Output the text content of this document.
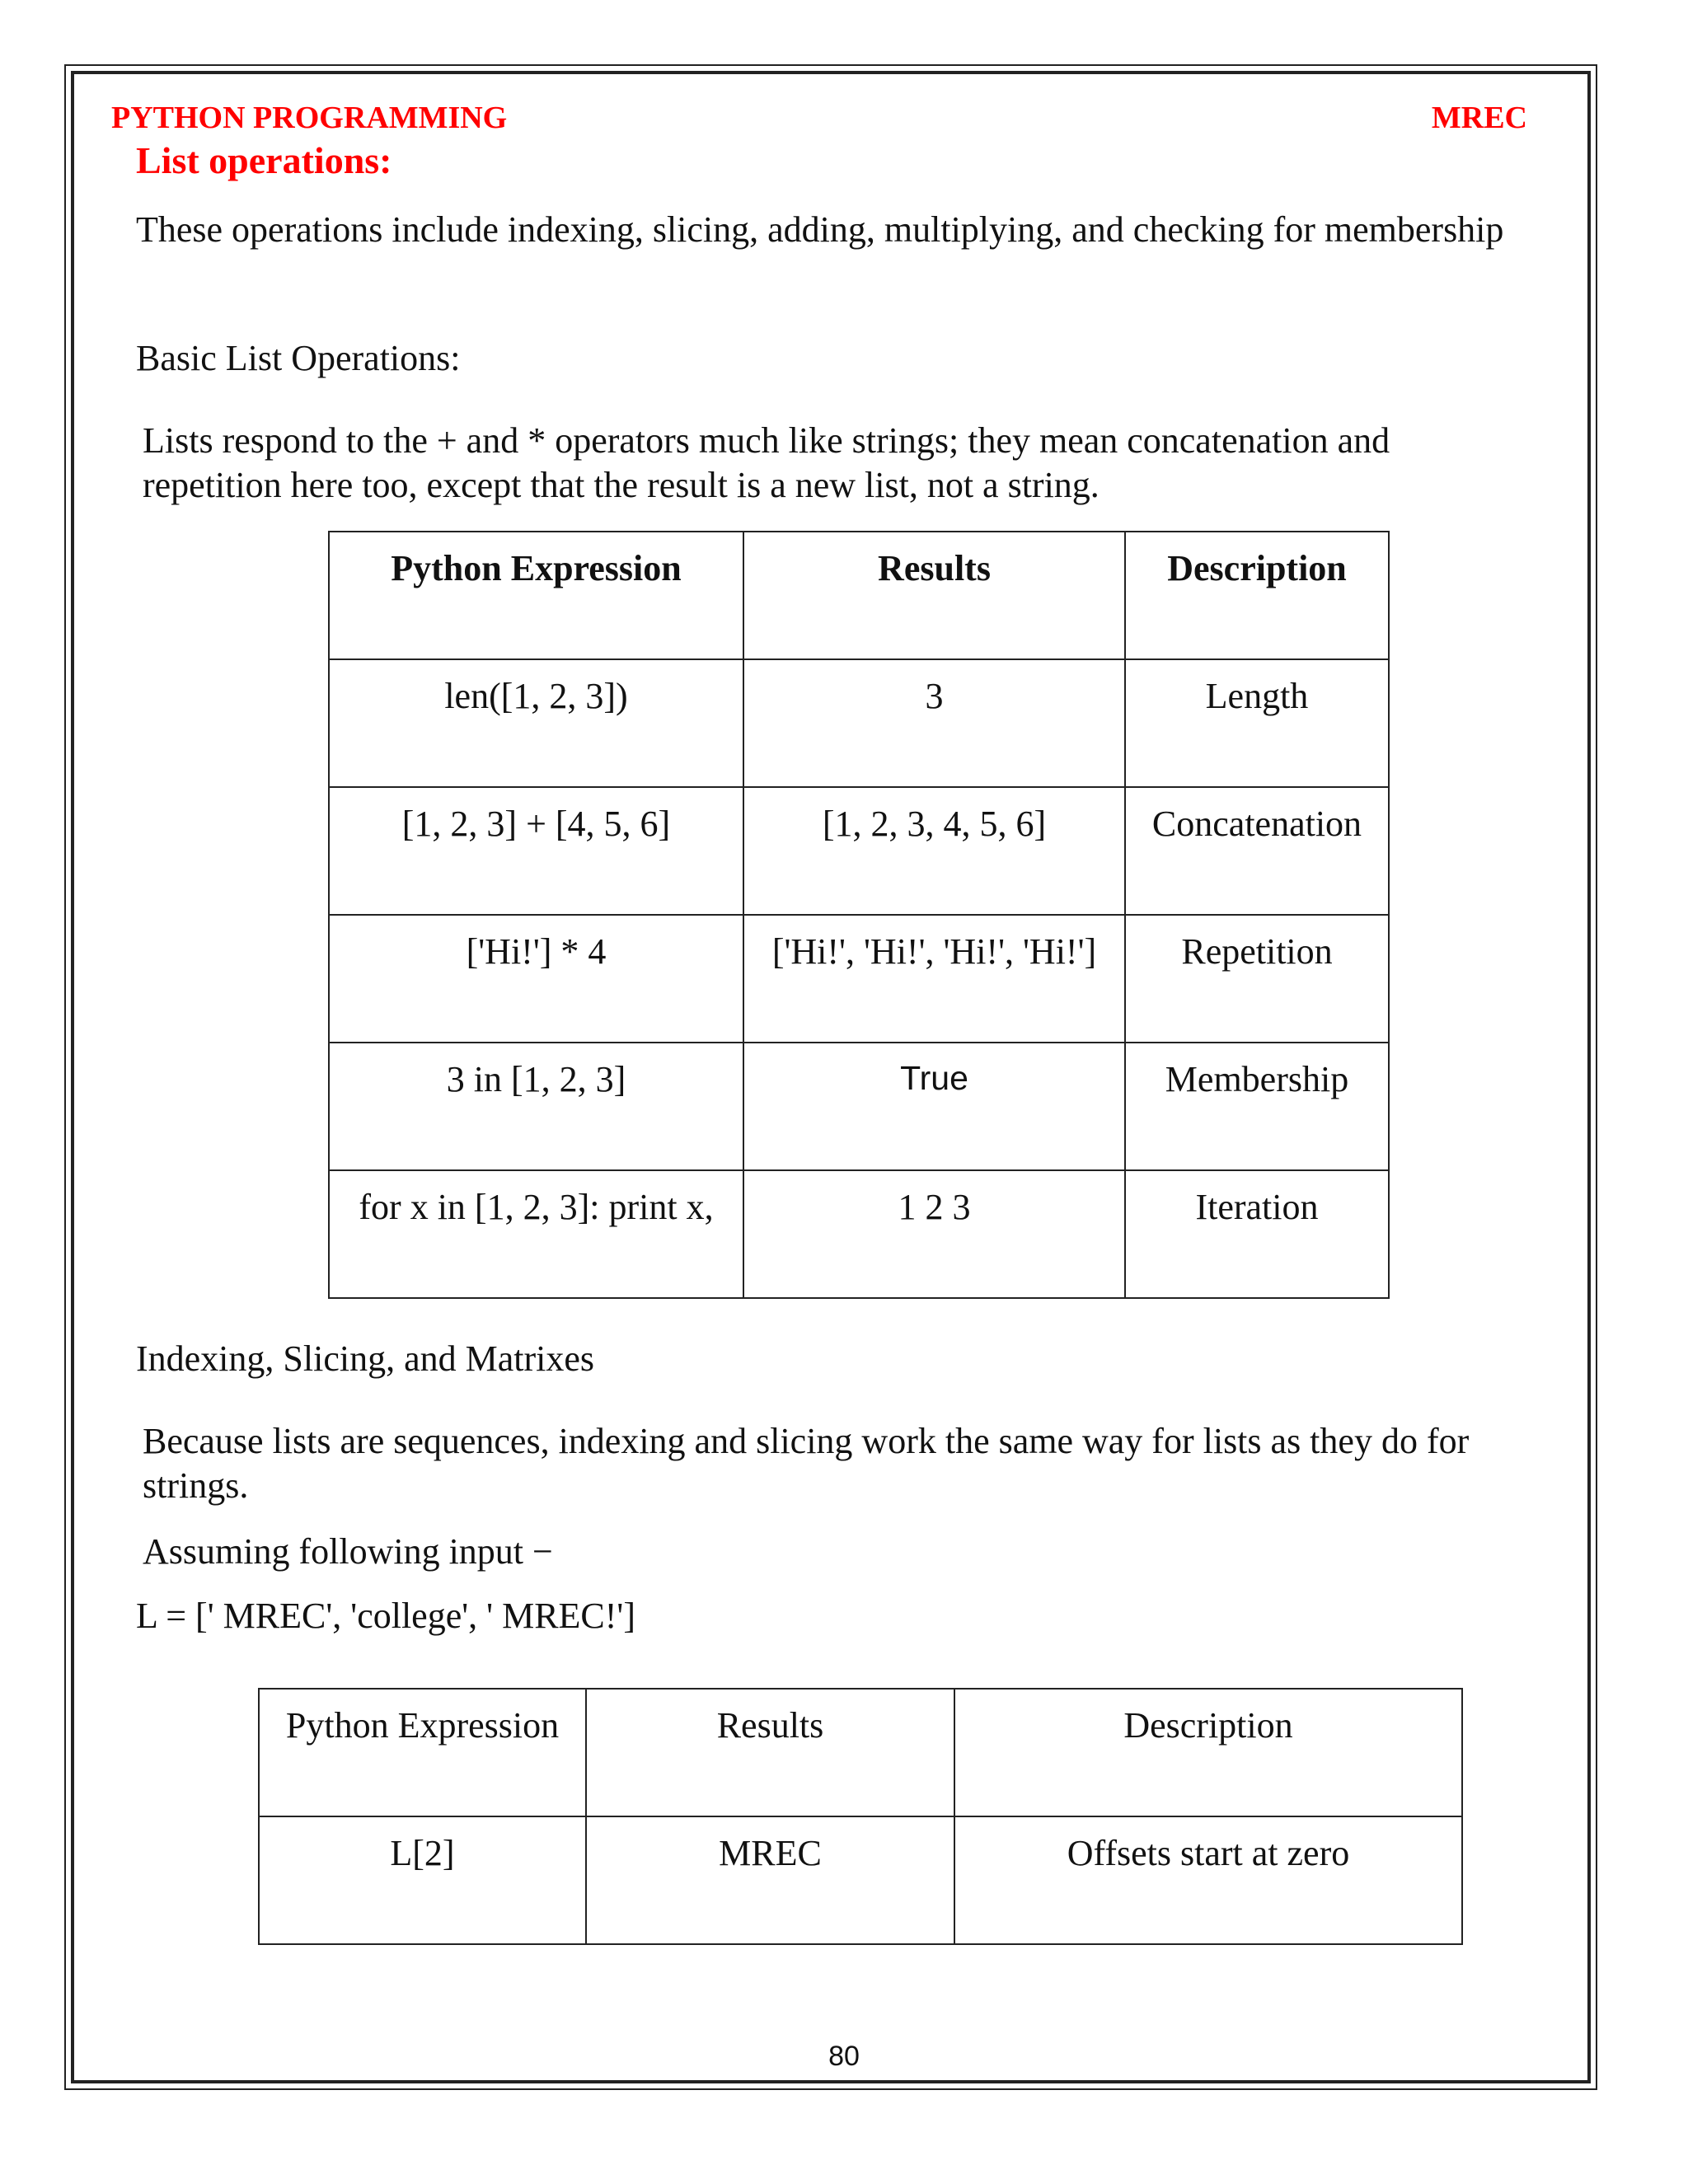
PYTHON PROGRAMMING	MREC
List operations:
These operations include indexing, slicing, adding, multiplying, and checking for membership
Basic List Operations:
Lists respond to the + and * operators much like strings; they mean concatenation and repetition here too, except that the result is a new list, not a string.
Python Expression	Results	Description
len([1, 2, 3])	3	Length
[1, 2, 3] + [4, 5, 6]	[1, 2, 3, 4, 5, 6]	Concatenation
['Hi!'] * 4	['Hi!', 'Hi!', 'Hi!', 'Hi!']	Repetition
3 in [1, 2, 3]	True	Membership
for x in [1, 2, 3]: print x,	1 2 3	Iteration
Indexing, Slicing, and Matrixes
Because lists are sequences, indexing and slicing work the same way for lists as they do for strings.
Assuming following input −
L = [' MREC', 'college', ' MREC!']
Python Expression	Results	Description
L[2]	MREC	Offsets start at zero
80
